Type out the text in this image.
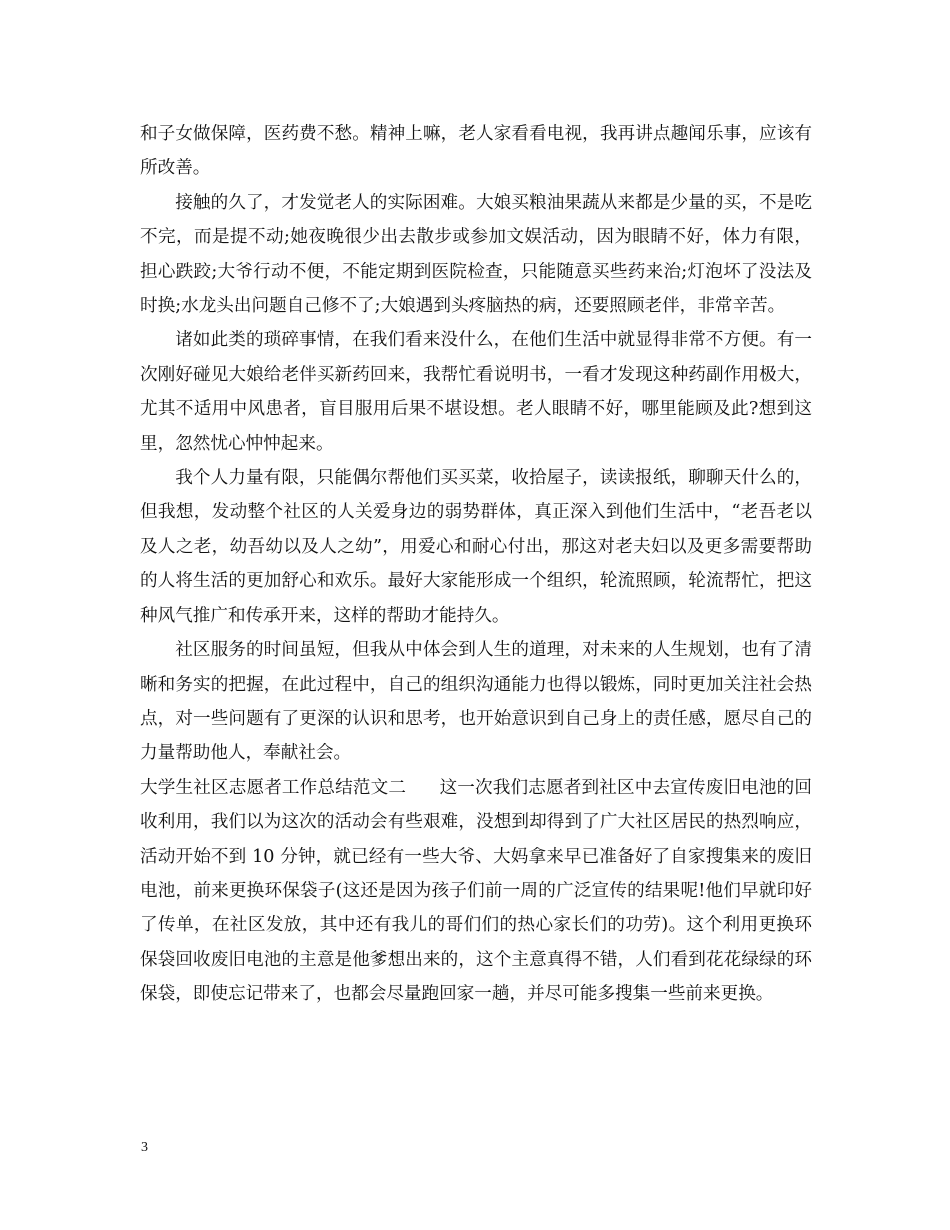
和子女做保障，医药费不愁。精神上嘛，老人家看看电视，我再讲点趣闻乐事，应该有所改善。

接触的久了，才发觉老人的实际困难。大娘买粮油果蔬从来都是少量的买，不是吃不完，而是提不动;她夜晚很少出去散步或参加文娱活动，因为眼睛不好，体力有限，担心跌跤;大爷行动不便，不能定期到医院检查，只能随意买些药来治;灯泡坏了没法及时换;水龙头出问题自己修不了;大娘遇到头疼脑热的病，还要照顾老伴，非常辛苦。

诸如此类的琐碎事情，在我们看来没什么，在他们生活中就显得非常不方便。有一次刚好碰见大娘给老伴买新药回来，我帮忙看说明书，一看才发现这种药副作用极大，尤其不适用中风患者，盲目服用后果不堪设想。老人眼睛不好，哪里能顾及此?想到这里，忽然忧心忡忡起来。

我个人力量有限，只能偶尔帮他们买买菜，收拾屋子，读读报纸，聊聊天什么的，但我想，发动整个社区的人关爱身边的弱势群体，真正深入到他们生活中，“老吾老以及人之老，幼吾幼以及人之幼”，用爱心和耐心付出，那这对老夫妇以及更多需要帮助的人将生活的更加舒心和欢乐。最好大家能形成一个组织，轮流照顾，轮流帮忙，把这种风气推广和传承开来，这样的帮助才能持久。

社区服务的时间虽短，但我从中体会到人生的道理，对未来的人生规划，也有了清晰和务实的把握，在此过程中，自己的组织沟通能力也得以锻炼，同时更加关注社会热点，对一些问题有了更深的认识和思考，也开始意识到自己身上的责任感，愿尽自己的力量帮助他人，奉献社会。

大学生社区志愿者工作总结范文二 这一次我们志愿者到社区中去宣传废旧电池的回收利用，我们以为这次的活动会有些艰难，没想到却得到了广大社区居民的热烈响应，活动开始不到 10 分钟，就已经有一些大爷、大妈拿来早已准备好了自家搜集来的废旧电池，前来更换环保袋子(这还是因为孩子们前一周的广泛宣传的结果呢!他们早就印好了传单，在社区发放，其中还有我儿的哥们们的热心家长们的功劳)。这个利用更换环保袋回收废旧电池的主意是他爹想出来的，这个主意真得不错，人们看到花花绿绿的环保袋，即使忘记带来了，也都会尽量跑回家一趟，并尽可能多搜集一些前来更换。

3
